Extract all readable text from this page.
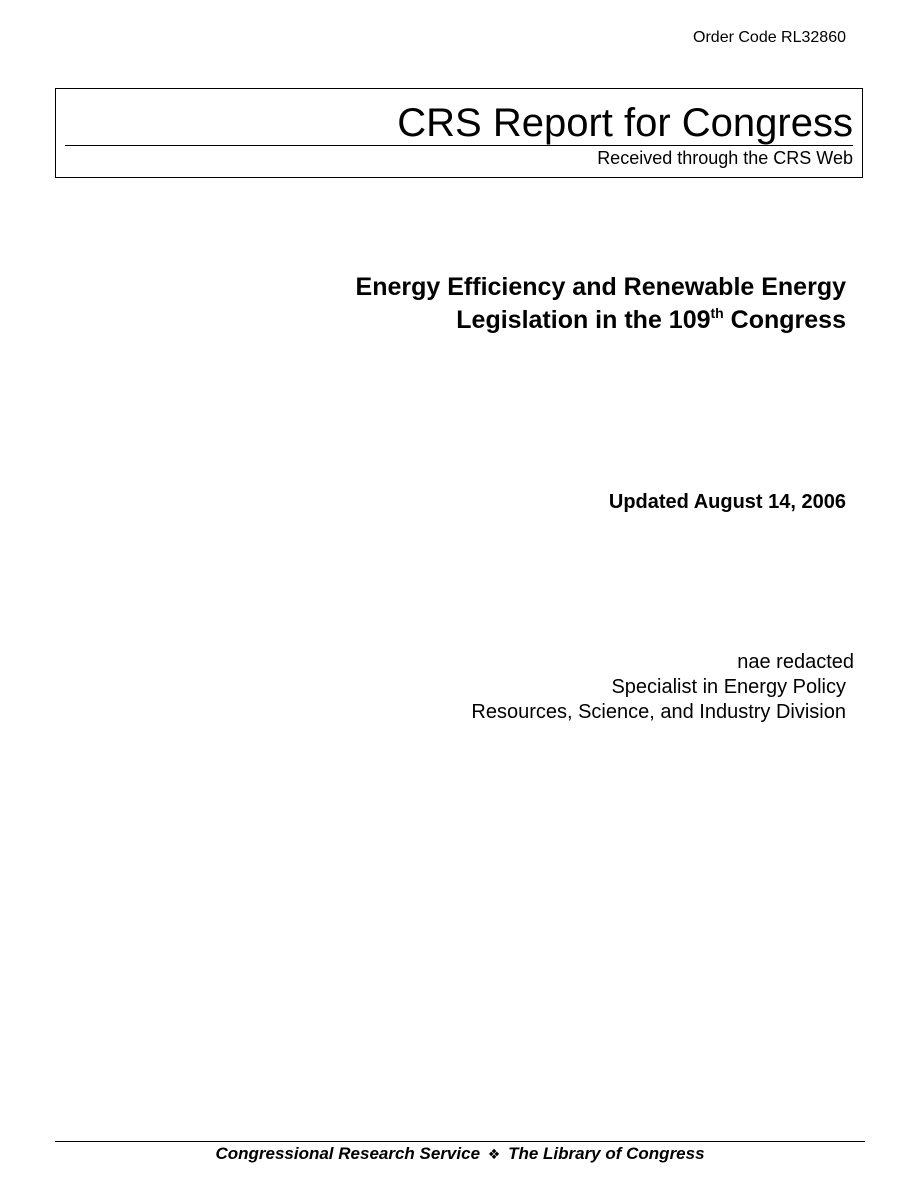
Order Code RL32860
CRS Report for Congress
Received through the CRS Web
Energy Efficiency and Renewable Energy
Legislation in the 109th Congress
Updated August 14, 2006
nae redacted
Specialist in Energy Policy
Resources, Science, and Industry Division
Congressional Research Service ❖ The Library of Congress
